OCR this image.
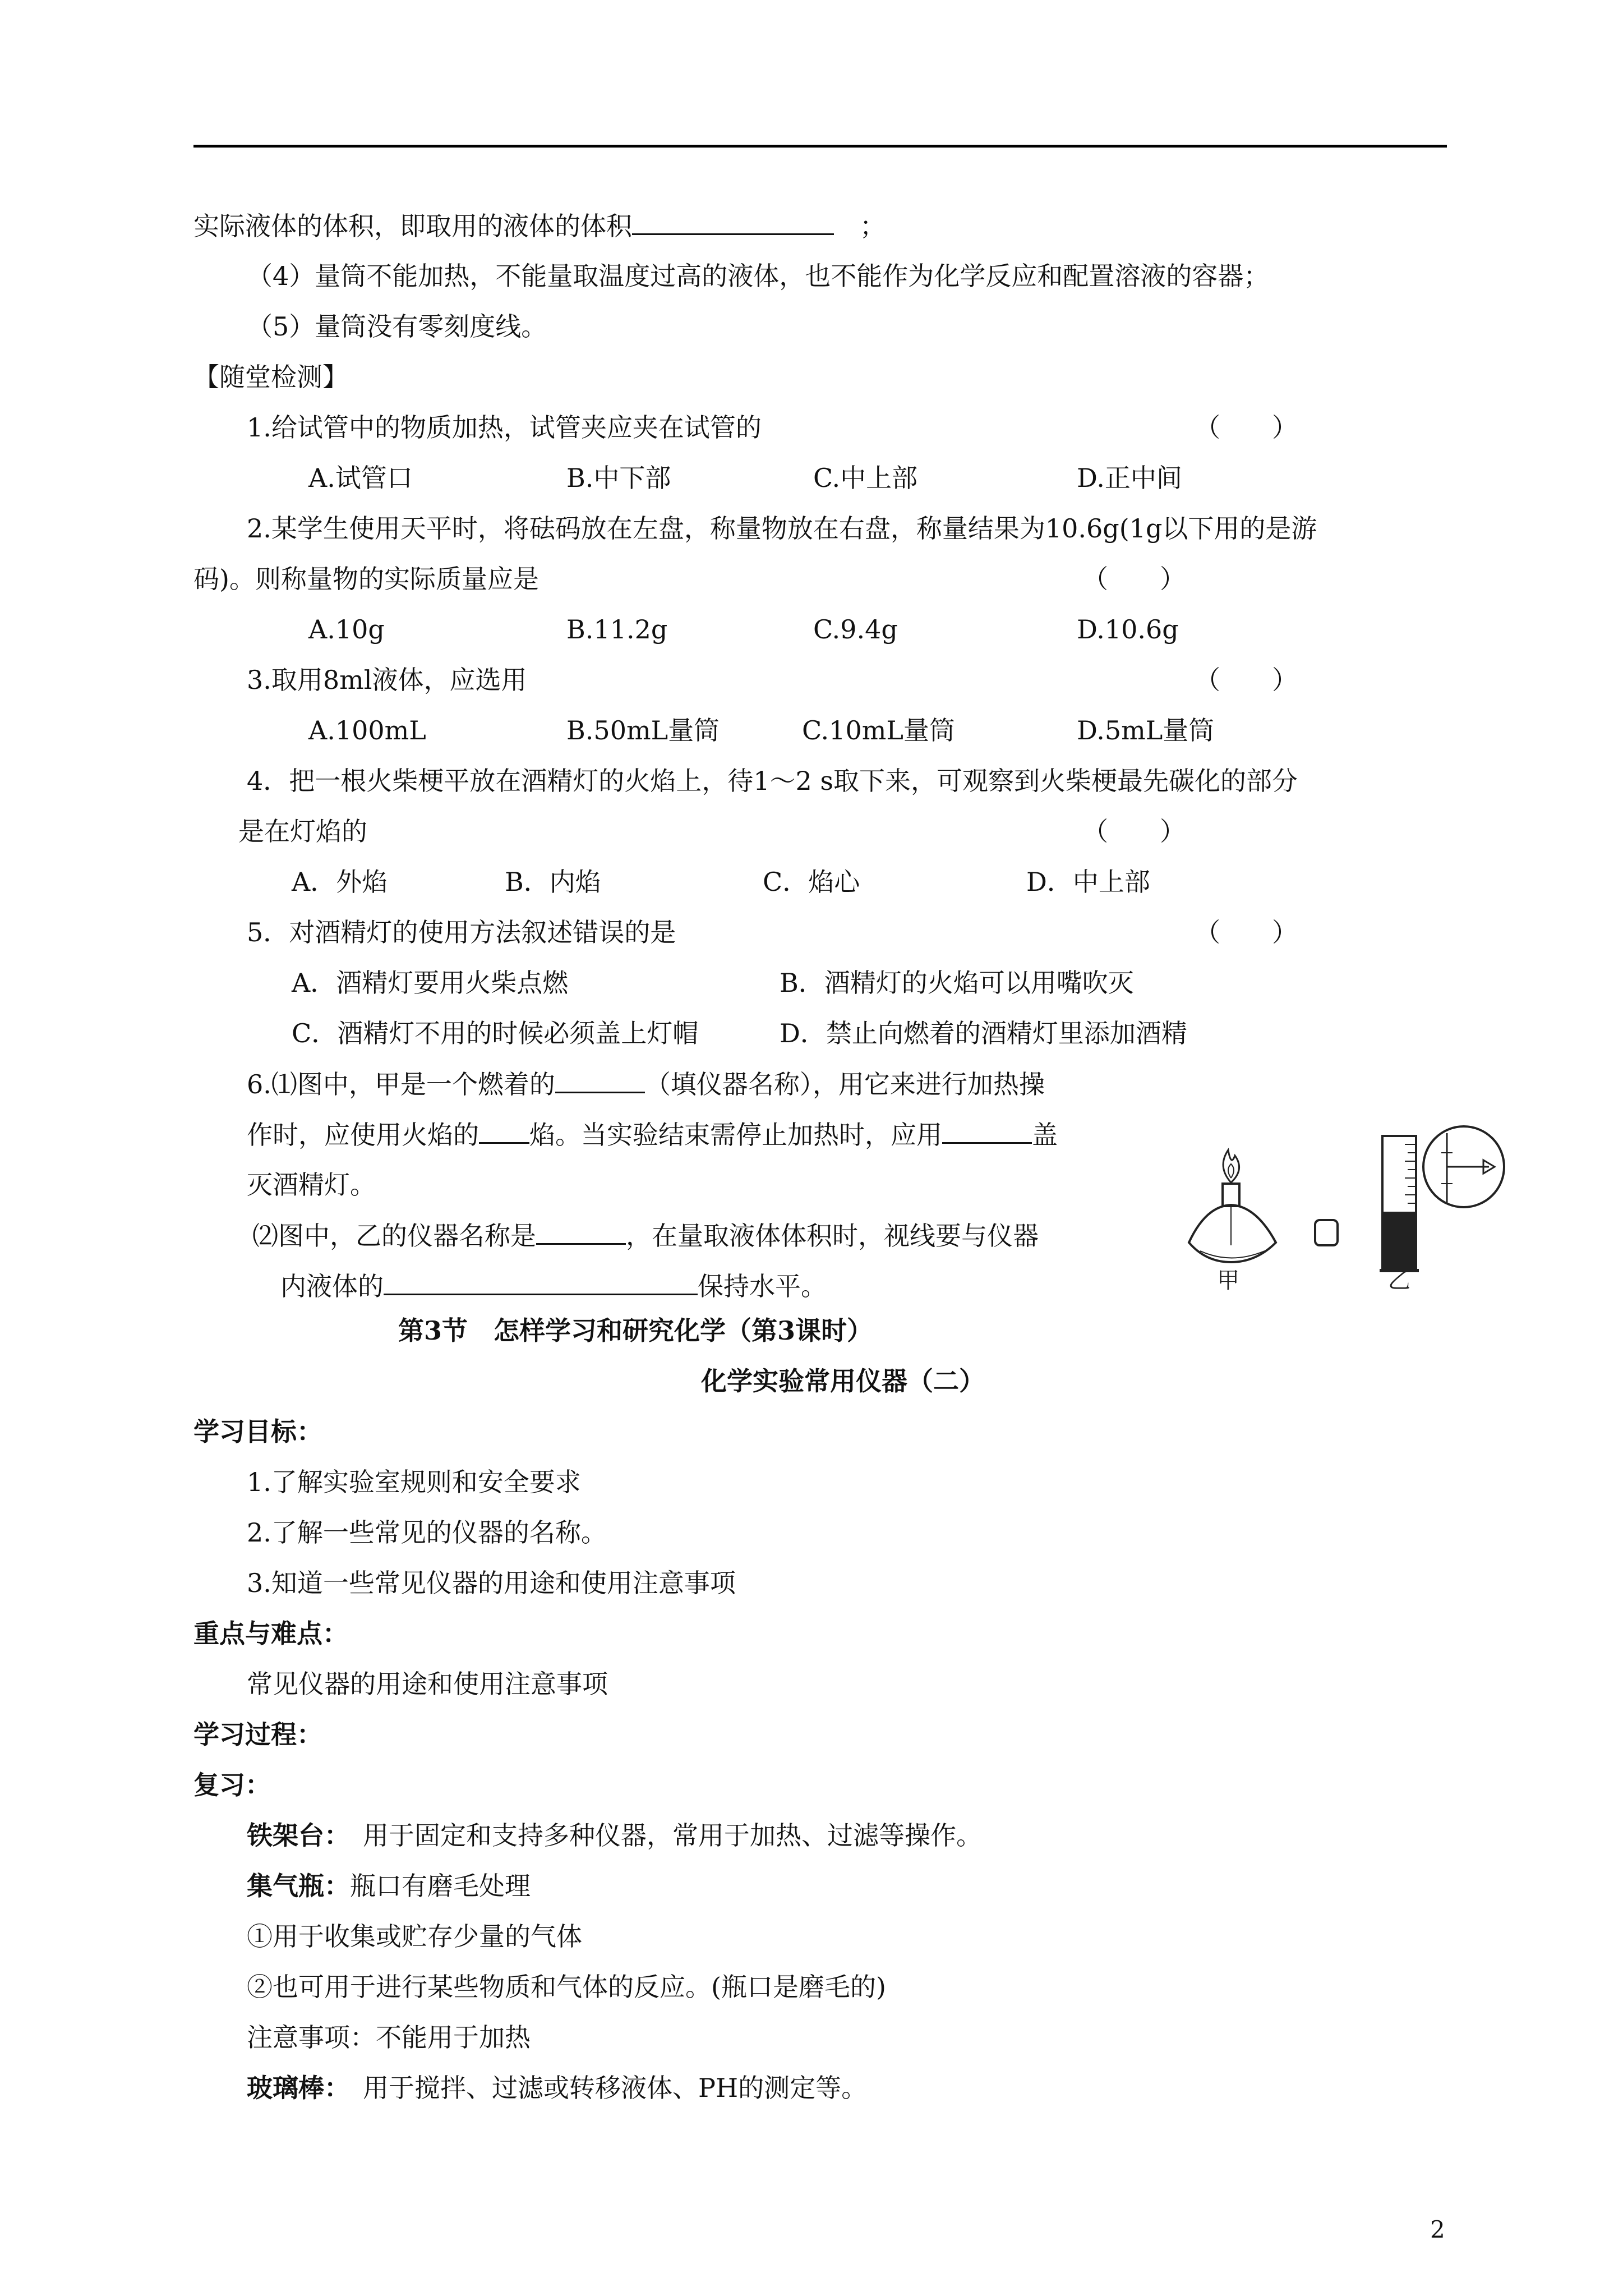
实际液体的体积，即取用的液体的体积　	；
（4）量筒不能加热，不能量取温度过高的液体，也不能作为化学反应和配置溶液的容器；
（5）量筒没有零刻度线。
【随堂检测】
1.给试管中的物质加热，试管夹应夹在试管的	（　　）
A.试管口	B.中下部	C.中上部	D.正中间
2.某学生使用天平时，将砝码放在左盘，称量物放在右盘，称量结果为10.6g(1g以下用的是游
码)。则称量物的实际质量应是	（　　）
A.10g	B.11.2g	C.9.4g	D.10.6g
3.取用8ml液体，应选用	（　　）
A.100mL	B.50mL量筒	C.10mL量筒	D.5mL量筒
4．把一根火柴梗平放在酒精灯的火焰上，待1～2 s取下来，可观察到火柴梗最先碳化的部分
是在灯焰的	（　　）
A．外焰	B．内焰	C．焰心	D．中上部
5．对酒精灯的使用方法叙述错误的是	（　　）
A．酒精灯要用火柴点燃	B．酒精灯的火焰可以用嘴吹灭
C．酒精灯不用的时候必须盖上灯帽	D．禁止向燃着的酒精灯里添加酒精
6.⑴图中，甲是一个燃着的	（填仪器名称），用它来进行加热操
作时，应使用火焰的 焰。当实验结束需停止加热时，应用	盖
灭酒精灯。
⑵图中，乙的仪器名称是	，在量取液体体积时，视线要与仪器
内液体的	保持水平。	甲	乙
第3节　怎样学习和研究化学（第3课时）
化学实验常用仪器（二）
学习目标：
1.了解实验室规则和安全要求
2.了解一些常见的仪器的名称。
3.知道一些常见仪器的用途和使用注意事项
重点与难点：
常见仪器的用途和使用注意事项
学习过程：
复习：
铁架台：　 用于固定和支持多种仪器，常用于加热、过滤等操作。
集气瓶：瓶口有磨毛处理
①用于收集或贮存少量的气体
②也可用于进行某些物质和气体的反应。(瓶口是磨毛的)
注意事项：不能用于加热
玻璃棒：　 用于搅拌、过滤或转移液体、PH的测定等。
2
